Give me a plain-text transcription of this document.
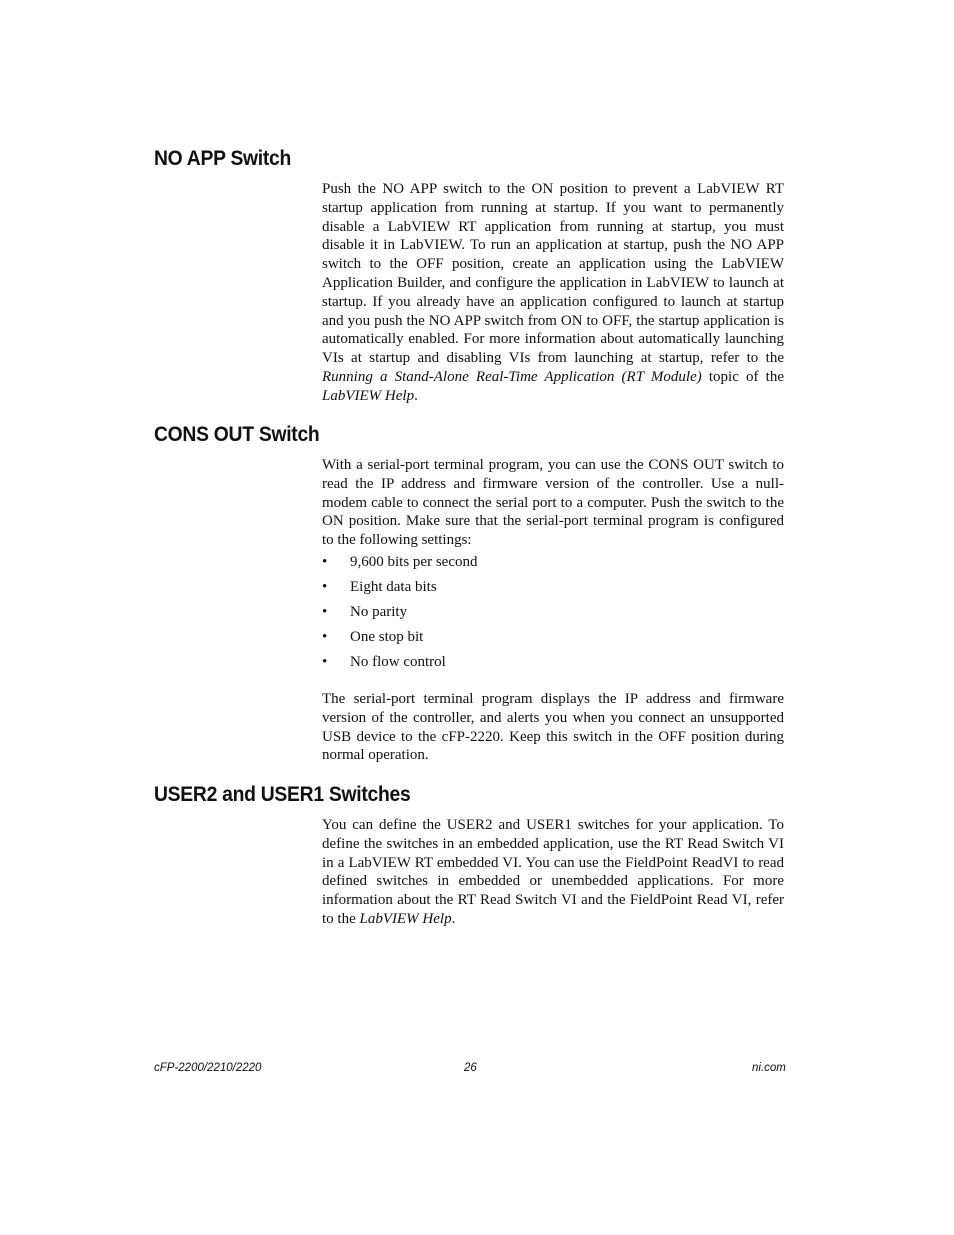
NO APP Switch

Push the NO APP switch to the ON position to prevent a LabVIEW RT startup application from running at startup. If you want to permanently disable a LabVIEW RT application from running at startup, you must disable it in LabVIEW. To run an application at startup, push the NO APP switch to the OFF position, create an application using the LabVIEW Application Builder, and configure the application in LabVIEW to launch at startup. If you already have an application configured to launch at startup and you push the NO APP switch from ON to OFF, the startup application is automatically enabled. For more information about automatically launching VIs at startup and disabling VIs from launching at startup, refer to the Running a Stand-Alone Real-Time Application (RT Module) topic of the LabVIEW Help.

CONS OUT Switch

With a serial-port terminal program, you can use the CONS OUT switch to read the IP address and firmware version of the controller. Use a null-modem cable to connect the serial port to a computer. Push the switch to the ON position. Make sure that the serial-port terminal program is configured to the following settings:

•	9,600 bits per second
•	Eight data bits
•	No parity
•	One stop bit
•	No flow control

The serial-port terminal program displays the IP address and firmware version of the controller, and alerts you when you connect an unsupported USB device to the cFP-2220. Keep this switch in the OFF position during normal operation.

USER2 and USER1 Switches

You can define the USER2 and USER1 switches for your application. To define the switches in an embedded application, use the RT Read Switch VI in a LabVIEW RT embedded VI. You can use the FieldPoint ReadVI to read defined switches in embedded or unembedded applications. For more information about the RT Read Switch VI and the FieldPoint Read VI, refer to the LabVIEW Help.

cFP-2200/2210/2220	26	ni.com
